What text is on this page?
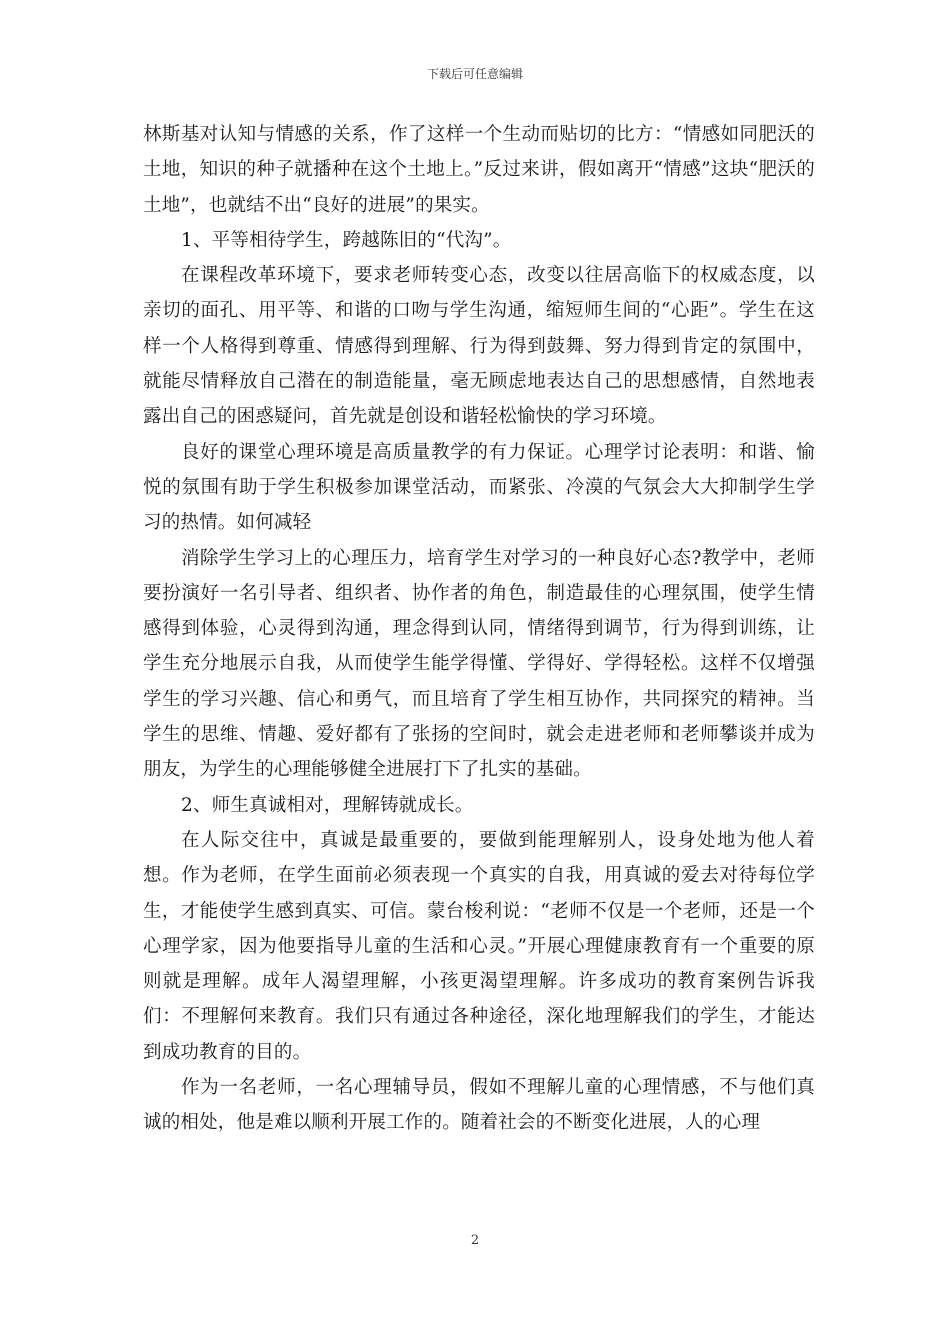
下载后可任意编辑

林斯基对认知与情感的关系，作了这样一个生动而贴切的比方：“情感如同肥沃的土地，知识的种子就播种在这个土地上。”反过来讲，假如离开“情感”这块“肥沃的土地”，也就结不出“良好的进展”的果实。

1、平等相待学生，跨越陈旧的“代沟”。

在课程改革环境下，要求老师转变心态，改变以往居高临下的权威态度，以亲切的面孔、用平等、和谐的口吻与学生沟通，缩短师生间的“心距”。学生在这样一个人格得到尊重、情感得到理解、行为得到鼓舞、努力得到肯定的氛围中，就能尽情释放自己潜在的制造能量，毫无顾虑地表达自己的思想感情，自然地表露出自己的困惑疑问，首先就是创设和谐轻松愉快的学习环境。

良好的课堂心理环境是高质量教学的有力保证。心理学讨论表明：和谐、愉悦的氛围有助于学生积极参加课堂活动，而紧张、冷漠的气氛会大大抑制学生学习的热情。如何减轻

消除学生学习上的心理压力，培育学生对学习的一种良好心态?教学中，老师要扮演好一名引导者、组织者、协作者的角色，制造最佳的心理氛围，使学生情感得到体验，心灵得到沟通，理念得到认同，情绪得到调节，行为得到训练，让学生充分地展示自我，从而使学生能学得懂、学得好、学得轻松。这样不仅增强学生的学习兴趣、信心和勇气，而且培育了学生相互协作，共同探究的精神。当学生的思维、情趣、爱好都有了张扬的空间时，就会走进老师和老师攀谈并成为朋友，为学生的心理能够健全进展打下了扎实的基础。

2、师生真诚相对，理解铸就成长。

在人际交往中，真诚是最重要的，要做到能理解别人，设身处地为他人着想。作为老师，在学生面前必须表现一个真实的自我，用真诚的爱去对待每位学生，才能使学生感到真实、可信。蒙台梭利说：“老师不仅是一个老师，还是一个心理学家，因为他要指导儿童的生活和心灵。”开展心理健康教育有一个重要的原则就是理解。成年人渴望理解，小孩更渴望理解。许多成功的教育案例告诉我们：不理解何来教育。我们只有通过各种途径，深化地理解我们的学生，才能达到成功教育的目的。

作为一名老师，一名心理辅导员，假如不理解儿童的心理情感，不与他们真诚的相处，他是难以顺利开展工作的。随着社会的不断变化进展，人的心理

2
